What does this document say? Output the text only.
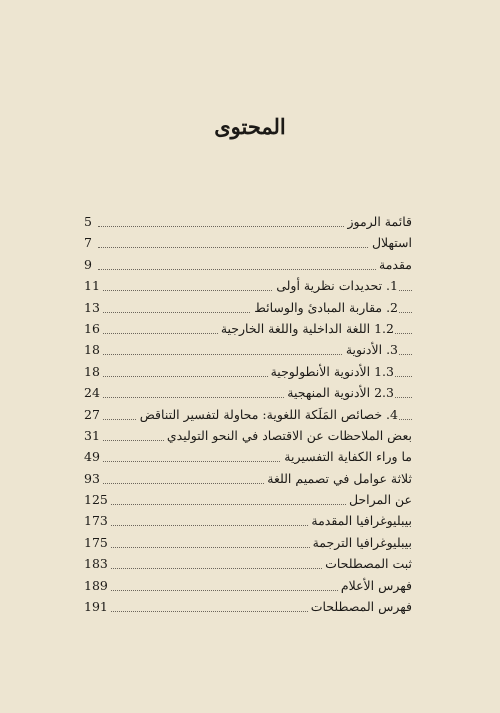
المحتوى
قائمة الرموز
5
استهلال
7
مقدمة
9
1. تحديدات نظرية أولى
11
2. مقاربة المبادئ والوسائط
13
1.2 اللغة الداخلية واللغة الخارجية
16
3. الأدنوية
18
1.3 الأدنوية الأنطولوجية
18
2.3 الأدنوية المنهجية
24
4. خصائص المَلَكة اللغوية: محاولة لتفسير التناقض
27
بعض الملاحظات عن الاقتصاد في النحو التوليدي
31
ما وراء الكفاية التفسيرية
49
ثلاثة عوامل في تصميم اللغة
93
عن المراحل
125
بيبليوغرافيا المقدمة
173
بيبليوغرافيا الترجمة
175
ثبت المصطلحات
183
فهرس الأعلام
189
فهرس المصطلحات
191
